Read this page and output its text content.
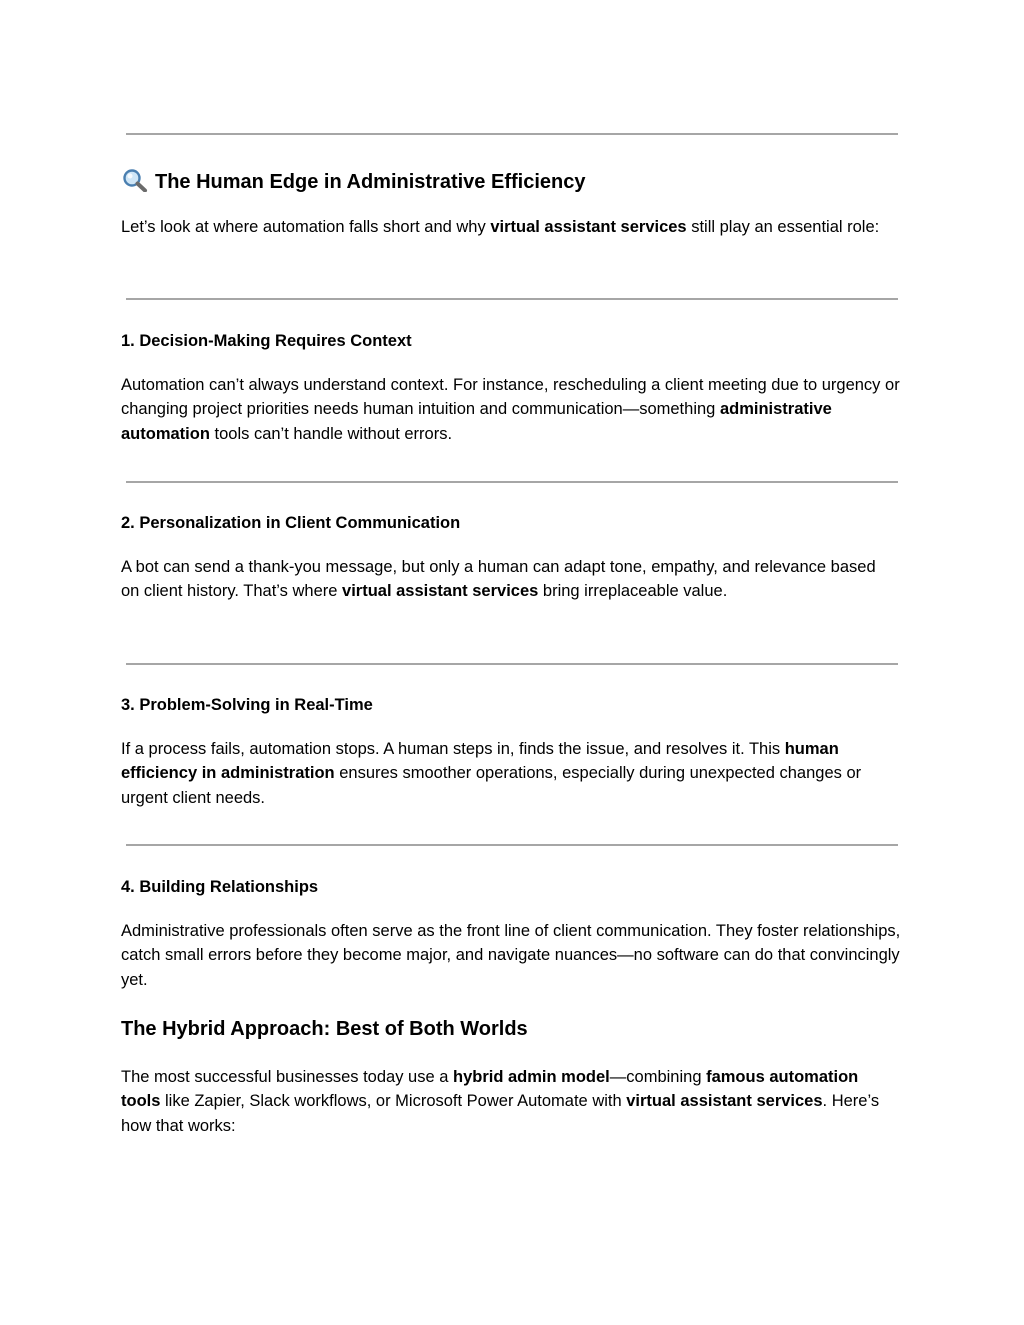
The Human Edge in Administrative Efficiency

Let’s look at where automation falls short and why virtual assistant services still play an essential role:

1. Decision-Making Requires Context

Automation can’t always understand context. For instance, rescheduling a client meeting due to urgency or changing project priorities needs human intuition and communication—something administrative automation tools can’t handle without errors.

2. Personalization in Client Communication

A bot can send a thank-you message, but only a human can adapt tone, empathy, and relevance based on client history. That’s where virtual assistant services bring irreplaceable value.

3. Problem-Solving in Real-Time

If a process fails, automation stops. A human steps in, finds the issue, and resolves it. This human efficiency in administration ensures smoother operations, especially during unexpected changes or urgent client needs.

4. Building Relationships

Administrative professionals often serve as the front line of client communication. They foster relationships, catch small errors before they become major, and navigate nuances—no software can do that convincingly yet.

The Hybrid Approach: Best of Both Worlds

The most successful businesses today use a hybrid admin model—combining famous automation tools like Zapier, Slack workflows, or Microsoft Power Automate with virtual assistant services. Here’s how that works:
